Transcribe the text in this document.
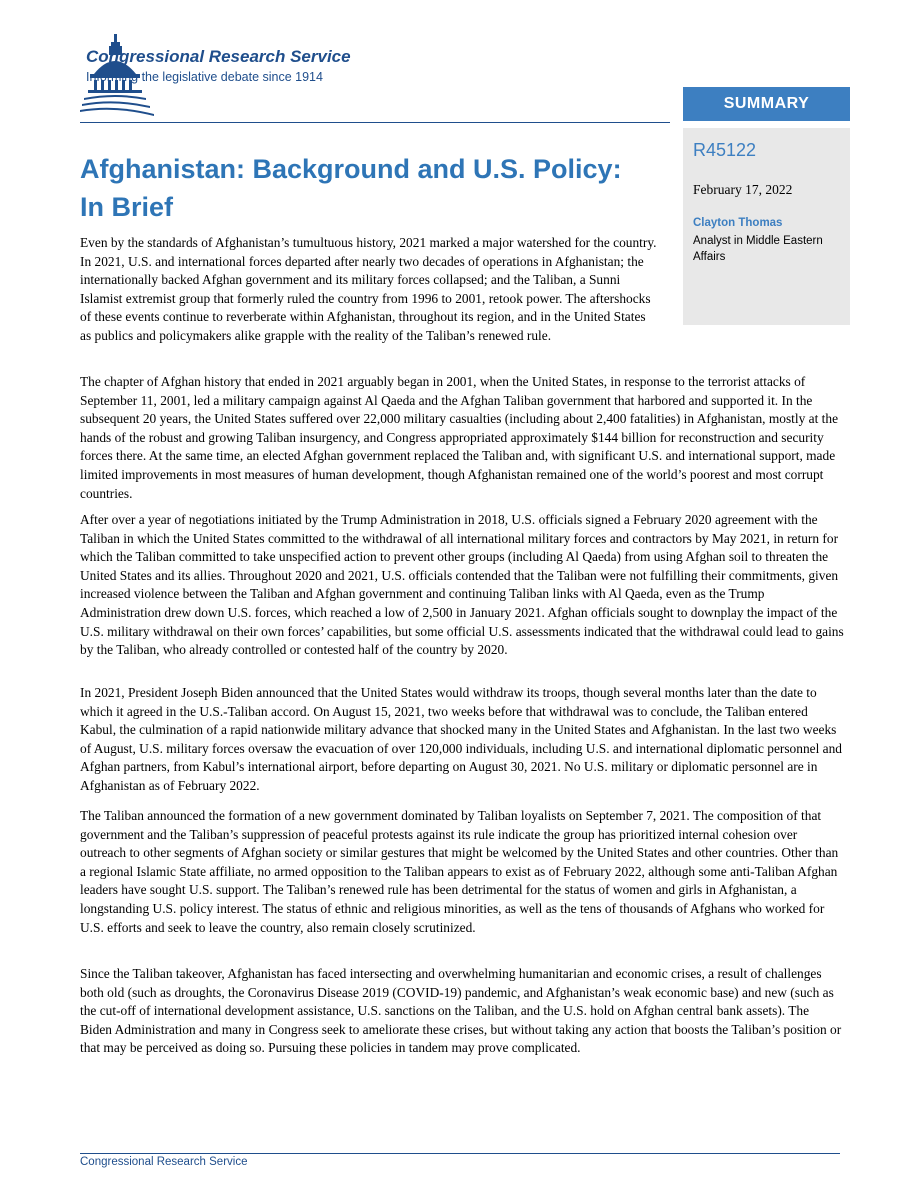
Congressional Research Service
Informing the legislative debate since 1914
SUMMARY
R45122
February 17, 2022
Clayton Thomas
Analyst in Middle Eastern Affairs
Afghanistan: Background and U.S. Policy: In Brief

Even by the standards of Afghanistan’s tumultuous history, 2021 marked a major watershed for the country. In 2021, U.S. and international forces departed after nearly two decades of operations in Afghanistan; the internationally backed Afghan government and its military forces collapsed; and the Taliban, a Sunni Islamist extremist group that formerly ruled the country from 1996 to 2001, retook power. The aftershocks of these events continue to reverberate within Afghanistan, throughout its region, and in the United States as publics and policymakers alike grapple with the reality of the Taliban’s renewed rule.

The chapter of Afghan history that ended in 2021 arguably began in 2001, when the United States, in response to the terrorist attacks of September 11, 2001, led a military campaign against Al Qaeda and the Afghan Taliban government that harbored and supported it. In the subsequent 20 years, the United States suffered over 22,000 military casualties (including about 2,400 fatalities) in Afghanistan, mostly at the hands of the robust and growing Taliban insurgency, and Congress appropriated approximately $144 billion for reconstruction and security forces there. At the same time, an elected Afghan government replaced the Taliban and, with significant U.S. and international support, made limited improvements in most measures of human development, though Afghanistan remained one of the world’s poorest and most corrupt countries.

After over a year of negotiations initiated by the Trump Administration in 2018, U.S. officials signed a February 2020 agreement with the Taliban in which the United States committed to the withdrawal of all international military forces and contractors by May 2021, in return for which the Taliban committed to take unspecified action to prevent other groups (including Al Qaeda) from using Afghan soil to threaten the United States and its allies. Throughout 2020 and 2021, U.S. officials contended that the Taliban were not fulfilling their commitments, given increased violence between the Taliban and Afghan government and continuing Taliban links with Al Qaeda, even as the Trump Administration drew down U.S. forces, which reached a low of 2,500 in January 2021. Afghan officials sought to downplay the impact of the U.S. military withdrawal on their own forces’ capabilities, but some official U.S. assessments indicated that the withdrawal could lead to gains by the Taliban, who already controlled or contested half of the country by 2020.

In 2021, President Joseph Biden announced that the United States would withdraw its troops, though several months later than the date to which it agreed in the U.S.-Taliban accord. On August 15, 2021, two weeks before that withdrawal was to conclude, the Taliban entered Kabul, the culmination of a rapid nationwide military advance that shocked many in the United States and Afghanistan. In the last two weeks of August, U.S. military forces oversaw the evacuation of over 120,000 individuals, including U.S. and international diplomatic personnel and Afghan partners, from Kabul’s international airport, before departing on August 30, 2021. No U.S. military or diplomatic personnel are in Afghanistan as of February 2022.

The Taliban announced the formation of a new government dominated by Taliban loyalists on September 7, 2021. The composition of that government and the Taliban’s suppression of peaceful protests against its rule indicate the group has prioritized internal cohesion over outreach to other segments of Afghan society or similar gestures that might be welcomed by the United States and other countries. Other than a regional Islamic State affiliate, no armed opposition to the Taliban appears to exist as of February 2022, although some anti-Taliban Afghan leaders have sought U.S. support. The Taliban’s renewed rule has been detrimental for the status of women and girls in Afghanistan, a longstanding U.S. policy interest. The status of ethnic and religious minorities, as well as the tens of thousands of Afghans who worked for U.S. efforts and seek to leave the country, also remain closely scrutinized.

Since the Taliban takeover, Afghanistan has faced intersecting and overwhelming humanitarian and economic crises, a result of challenges both old (such as droughts, the Coronavirus Disease 2019 (COVID-19) pandemic, and Afghanistan’s weak economic base) and new (such as the cut-off of international development assistance, U.S. sanctions on the Taliban, and the U.S. hold on Afghan central bank assets). The Biden Administration and many in Congress seek to ameliorate these crises, but without taking any action that boosts the Taliban’s position or that may be perceived as doing so. Pursuing these policies in tandem may prove complicated.

Congressional Research Service
